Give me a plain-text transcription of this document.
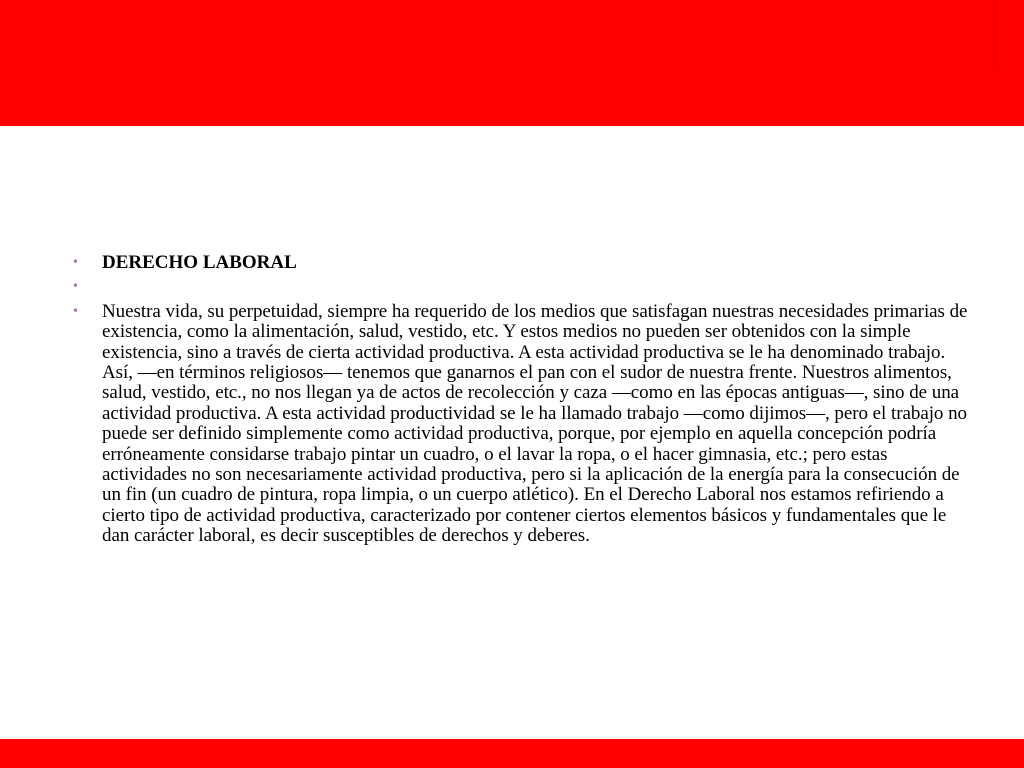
• DERECHO LABORAL
•
• Nuestra vida, su perpetuidad, siempre ha requerido de los medios que satisfagan nuestras necesidades primarias de existencia, como la alimentación, salud, vestido, etc. Y estos medios no pueden ser obtenidos con la simple existencia, sino a través de cierta actividad productiva. A esta actividad productiva se le ha denominado trabajo. Así, —en términos religiosos— tenemos que ganarnos el pan con el sudor de nuestra frente. Nuestros alimentos, salud, vestido, etc., no nos llegan ya de actos de recolección y caza —como en las épocas antiguas—, sino de una actividad productiva. A esta actividad productividad se le ha llamado trabajo —como dijimos—, pero el trabajo no puede ser definido simplemente como actividad productiva, porque, por ejemplo en aquella concepción podría erróneamente considarse trabajo pintar un cuadro, o el lavar la ropa, o el hacer gimnasia, etc.; pero estas actividades no son necesariamente actividad productiva, pero si la aplicación de la energía para la consecución de un fin (un cuadro de pintura, ropa limpia, o un cuerpo atlético). En el Derecho Laboral nos estamos refiriendo a cierto tipo de actividad productiva, caracterizado por contener ciertos elementos básicos y fundamentales que le dan carácter laboral, es decir susceptibles de derechos y deberes.
